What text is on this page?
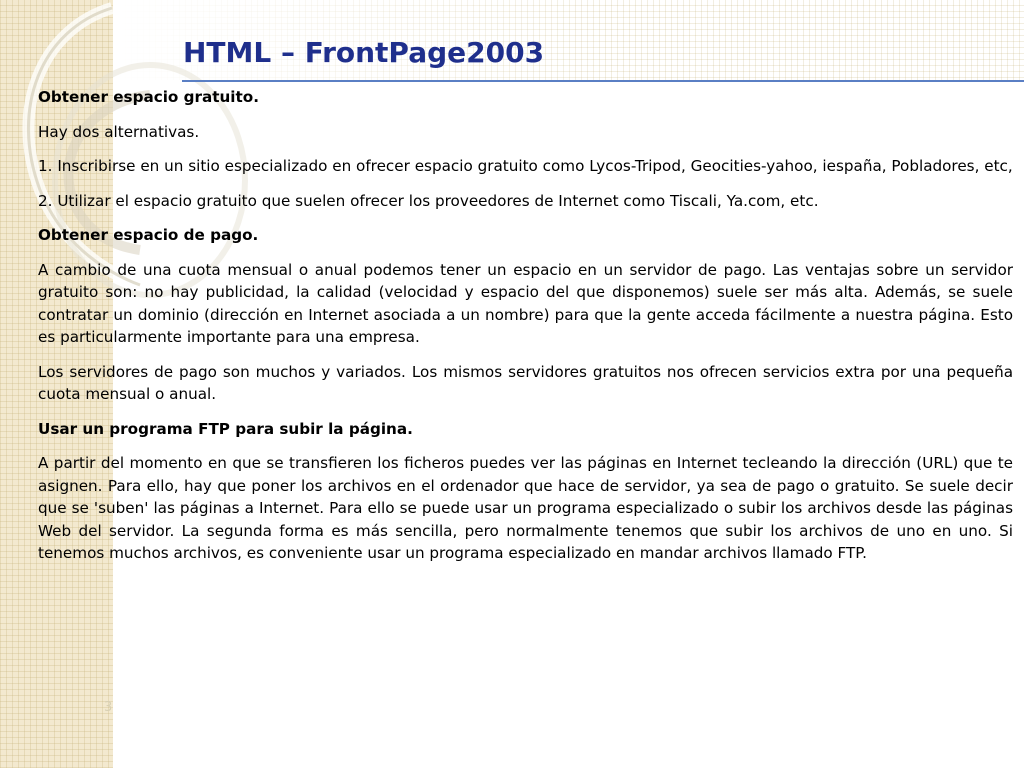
HTML – FrontPage2003

Obtener espacio gratuito.

Hay dos alternativas.

1. Inscribirse en un sitio especializado en ofrecer espacio gratuito como Lycos-Tripod, Geocities-yahoo, iespaña, Pobladores, etc,

2. Utilizar el espacio gratuito que suelen ofrecer los proveedores de Internet como Tiscali, Ya.com, etc.

Obtener espacio de pago.

A cambio de una cuota mensual o anual podemos tener un espacio en un servidor de pago. Las ventajas sobre un servidor gratuito son: no hay publicidad, la calidad (velocidad y espacio del que disponemos) suele ser más alta. Además, se suele contratar un dominio (dirección en Internet asociada a un nombre) para que la gente acceda fácilmente a nuestra página. Esto es particularmente importante para una empresa.

Los servidores de pago son muchos y variados. Los mismos servidores gratuitos nos ofrecen servicios extra por una pequeña cuota mensual o anual.

Usar un programa FTP para subir la página.

A partir del momento en que se transfieren los ficheros puedes ver las páginas en Internet tecleando la dirección (URL) que te asignen. Para ello, hay que poner los archivos en el ordenador que hace de servidor, ya sea de pago o gratuito. Se suele decir que se 'suben' las páginas a Internet. Para ello se puede usar un programa especializado o subir los archivos desde las páginas Web del servidor. La segunda forma es más sencilla, pero normalmente tenemos que subir los archivos de uno en uno. Si tenemos muchos archivos, es conveniente usar un programa especializado en mandar archivos llamado FTP.

3
